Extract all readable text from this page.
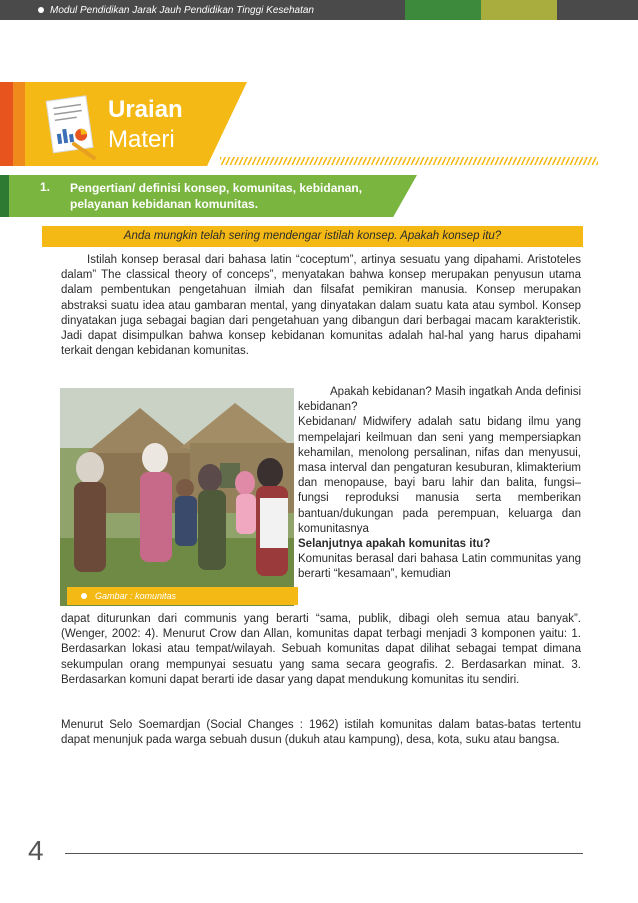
Modul Pendidikan Jarak Jauh Pendidikan Tinggi Kesehatan
Uraian
Materi
1. Pengertian/ definisi konsep, komunitas, kebidanan, pelayanan kebidanan komunitas.
Anda mungkin telah sering mendengar istilah konsep. Apakah konsep itu?
Istilah konsep berasal dari bahasa latin “coceptum”, artinya sesuatu yang dipahami. Aristoteles dalam” The classical theory of conceps”, menyatakan bahwa konsep merupakan penyusun utama dalam pembentukan pengetahuan ilmiah dan filsafat pemikiran manusia. Konsep merupakan abstraksi suatu idea atau gambaran mental, yang dinyatakan dalam suatu kata atau symbol. Konsep dinyatakan juga sebagai bagian dari pengetahuan yang dibangun dari berbagai macam karakteristik. Jadi dapat disimpulkan bahwa konsep kebidanan komunitas adalah hal-hal yang harus dipahami terkait dengan kebidanan komunitas.
Gambar : komunitas
Apakah kebidanan? Masih ingatkah Anda definisi kebidanan?
Kebidanan/ Midwifery adalah satu bidang ilmu yang mempelajari keilmuan dan seni yang mempersiapkan kehamilan, menolong persalinan, nifas dan menyusui, masa interval dan pengaturan kesuburan, klimakterium dan menopause, bayi baru lahir dan balita, fungsi–fungsi reproduksi manusia serta memberikan bantuan/dukungan pada perempuan, keluarga dan komunitasnya
Selanjutnya apakah komunitas itu?
Komunitas berasal dari bahasa Latin communitas yang berarti “kesamaan”, kemudian
dapat diturunkan dari communis yang berarti “sama, publik, dibagi oleh semua atau banyak”. (Wenger, 2002: 4). Menurut Crow dan Allan, komunitas dapat terbagi menjadi 3 komponen yaitu: 1. Berdasarkan lokasi atau tempat/wilayah. Sebuah komunitas dapat dilihat sebagai tempat dimana sekumpulan orang mempunyai sesuatu yang sama secara geografis. 2. Berdasarkan minat. 3. Berdasarkan komuni dapat berarti ide dasar yang dapat mendukung komunitas itu sendiri.
Menurut Selo Soemardjan (Social Changes : 1962) istilah komunitas dalam batas-batas tertentu dapat menunjuk pada warga sebuah dusun (dukuh atau kampung), desa, kota, suku atau bangsa.
4
